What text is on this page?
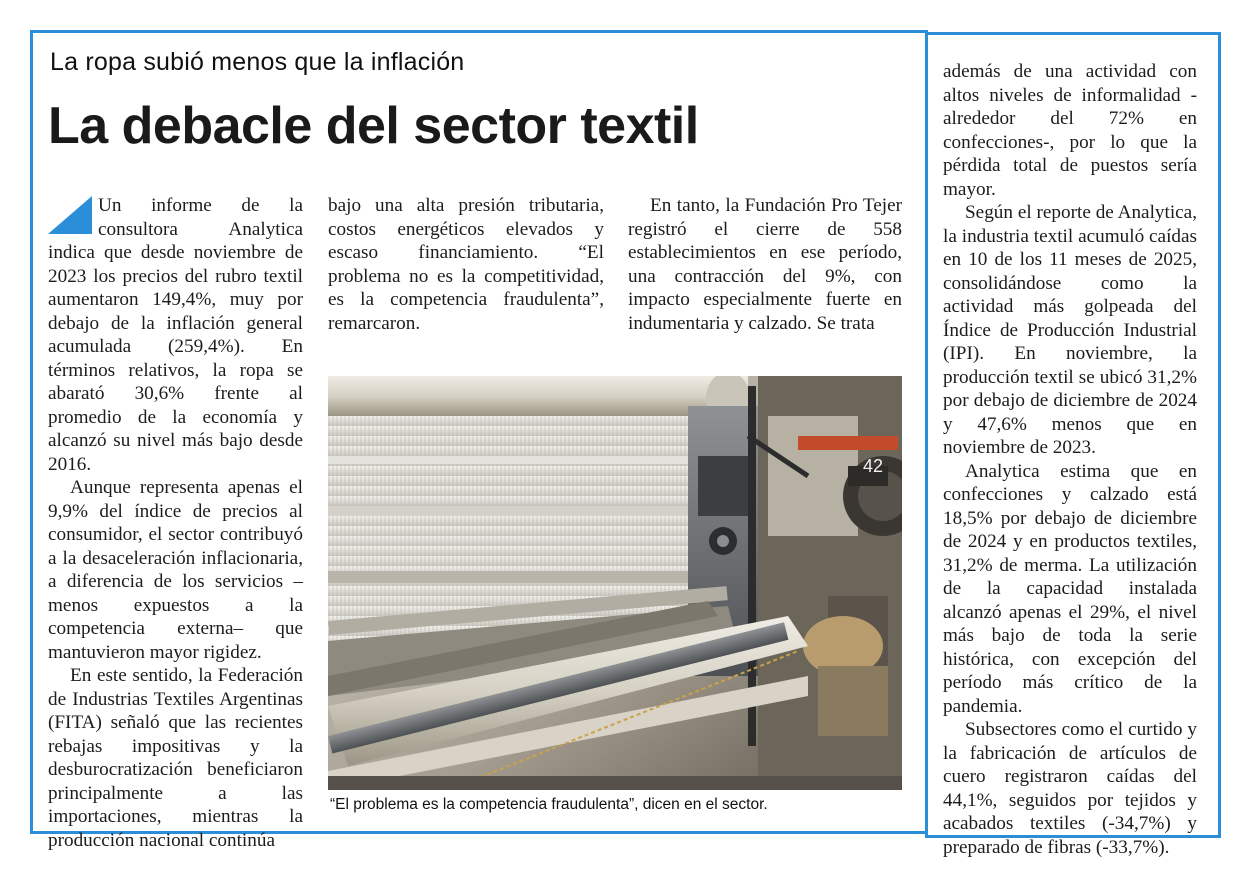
La ropa subió menos que la inflación
La debacle del sector textil

Un informe de la consultora Analytica indica que desde noviembre de 2023 los precios del rubro textil aumentaron 149,4%, muy por debajo de la inflación general acumulada (259,4%). En términos relativos, la ropa se abarató 30,6% frente al promedio de la economía y alcanzó su nivel más bajo desde 2016.

Aunque representa apenas el 9,9% del índice de precios al consumidor, el sector contribuyó a la desaceleración inflacionaria, a diferencia de los servicios –menos expuestos a la competencia externa– que mantuvieron mayor rigidez.

En este sentido, la Federación de Industrias Textiles Argentinas (FITA) señaló que las recientes rebajas impositivas y la desburocratización beneficiaron principalmente a las importaciones, mientras la producción nacional continúa

bajo una alta presión tributaria, costos energéticos elevados y escaso financiamiento. “El problema no es la competitividad, es la competencia fraudulenta”, remarcaron.

En tanto, la Fundación Pro Tejer registró el cierre de 558 establecimientos en ese período, una contracción del 9%, con impacto especialmente fuerte en indumentaria y calzado. Se trata

además de una actividad con altos niveles de informalidad -alrededor del 72% en confecciones-, por lo que la pérdida total de puestos sería mayor.

Según el reporte de Analytica, la industria textil acumuló caídas en 10 de los 11 meses de 2025, consolidándose como la actividad más golpeada del Índice de Producción Industrial (IPI). En noviembre, la producción textil se ubicó 31,2% por debajo de diciembre de 2024 y 47,6% menos que en noviembre de 2023.

Analytica estima que en confecciones y calzado está 18,5% por debajo de diciembre de 2024 y en productos textiles, 31,2% de merma. La utilización de la capacidad instalada alcanzó apenas el 29%, el nivel más bajo de toda la serie histórica, con excepción del período más crítico de la pandemia.

Subsectores como el curtido y la fabricación de artículos de cuero registraron caídas del 44,1%, seguidos por tejidos y acabados textiles (-34,7%) y preparado de fibras (-33,7%).

42

“El problema es la competencia fraudulenta”, dicen en el sector.
